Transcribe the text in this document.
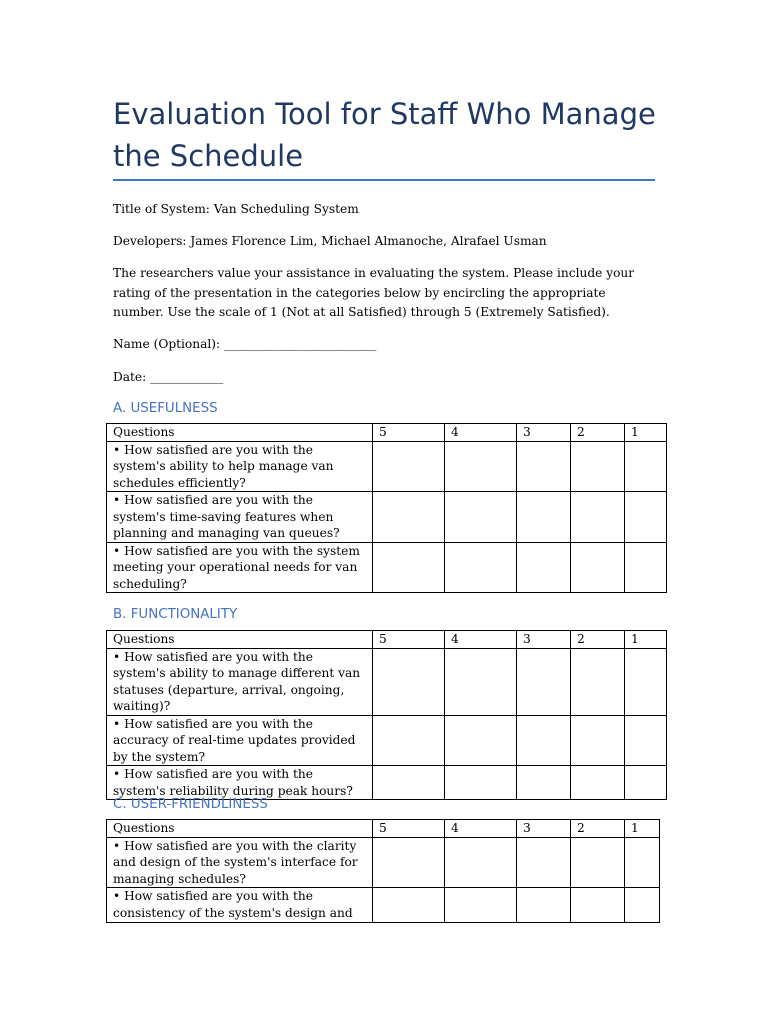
Evaluation Tool for Staff Who Manage the Schedule

Title of System: Van Scheduling System

Developers: James Florence Lim, Michael Almanoche, Alrafael Usman

The researchers value your assistance in evaluating the system. Please include your rating of the presentation in the categories below by encircling the appropriate number. Use the scale of 1 (Not at all Satisfied) through 5 (Extremely Satisfied).

Name (Optional): _________________________

Date: ____________

A. USEFULNESS
Questions	5	4	3	2	1
• How satisfied are you with the system's ability to help manage van schedules efficiently?					
• How satisfied are you with the system's time-saving features when planning and managing van queues?					
• How satisfied are you with the system meeting your operational needs for van scheduling?					
B. FUNCTIONALITY
Questions	5	4	3	2	1
• How satisfied are you with the system's ability to manage different van statuses (departure, arrival, ongoing, waiting)?					
• How satisfied are you with the accuracy of real-time updates provided by the system?					
• How satisfied are you with the system's reliability during peak hours?					
C. USER-FRIENDLINESS
Questions	5	4	3	2	1
• How satisfied are you with the clarity and design of the system's interface for managing schedules?					

• How satisfied are you with the consistency of the system's design and					
